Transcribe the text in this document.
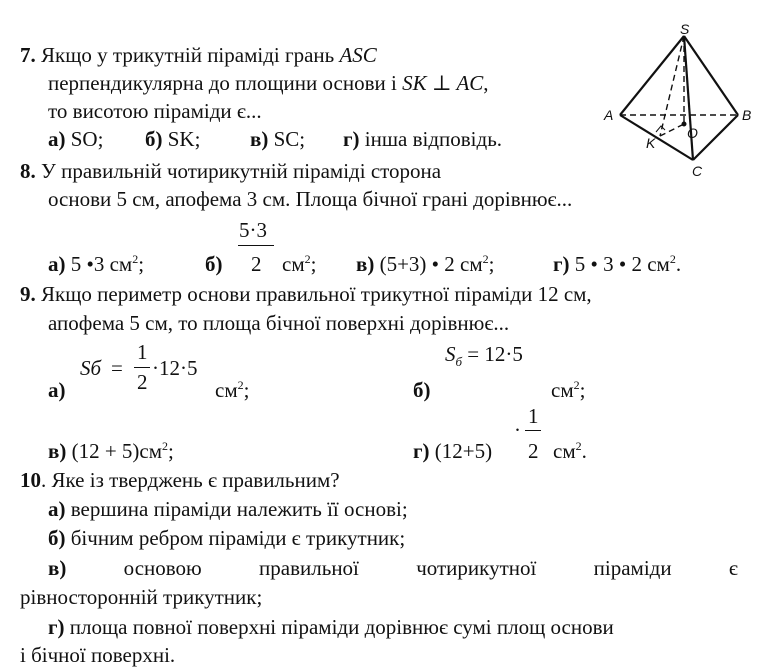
7. Якщо у трикутній піраміді грань ASC
перпендикулярна до площини основи і SK ⊥ AC,
то висотою піраміди є...
а) SO; б) SK; в) SC; г) інша відповідь.
S
A	B
K
O
C
8. У правильній чотирикутній піраміді сторона
основи 5 см, апофема 3 см. Площа бічної грані дорівнює...
а) 5 •3 $см^2$;	б)
5·3
2 $см^2$; в) (5+3) • 2 $см^2$;	г) 5 • 3 • 2 $см^2$.
9. Якщо периметр основи правильної трикутної піраміди 12 см,
апофема 5 см, то площа бічної поверхні дорівнює...
а)
Sб =
1
2
·12·5
$см^2$;	б)
$S_б = 12\cdot 5$
$см^2$;
в) $(12 + 5)см^2$;	г) (12+5)
·
1
2 $см^2$.
10. Яке із тверджень є правильним?
а) вершина піраміди належить її основі;
б) бічним ребром піраміди є трикутник;
в)	основою	правильної	чотирикутної	піраміди	є
рівносторонній трикутник;
г) площа повної поверхні піраміди дорівнює сумі площ основи
і бічної поверхні.
